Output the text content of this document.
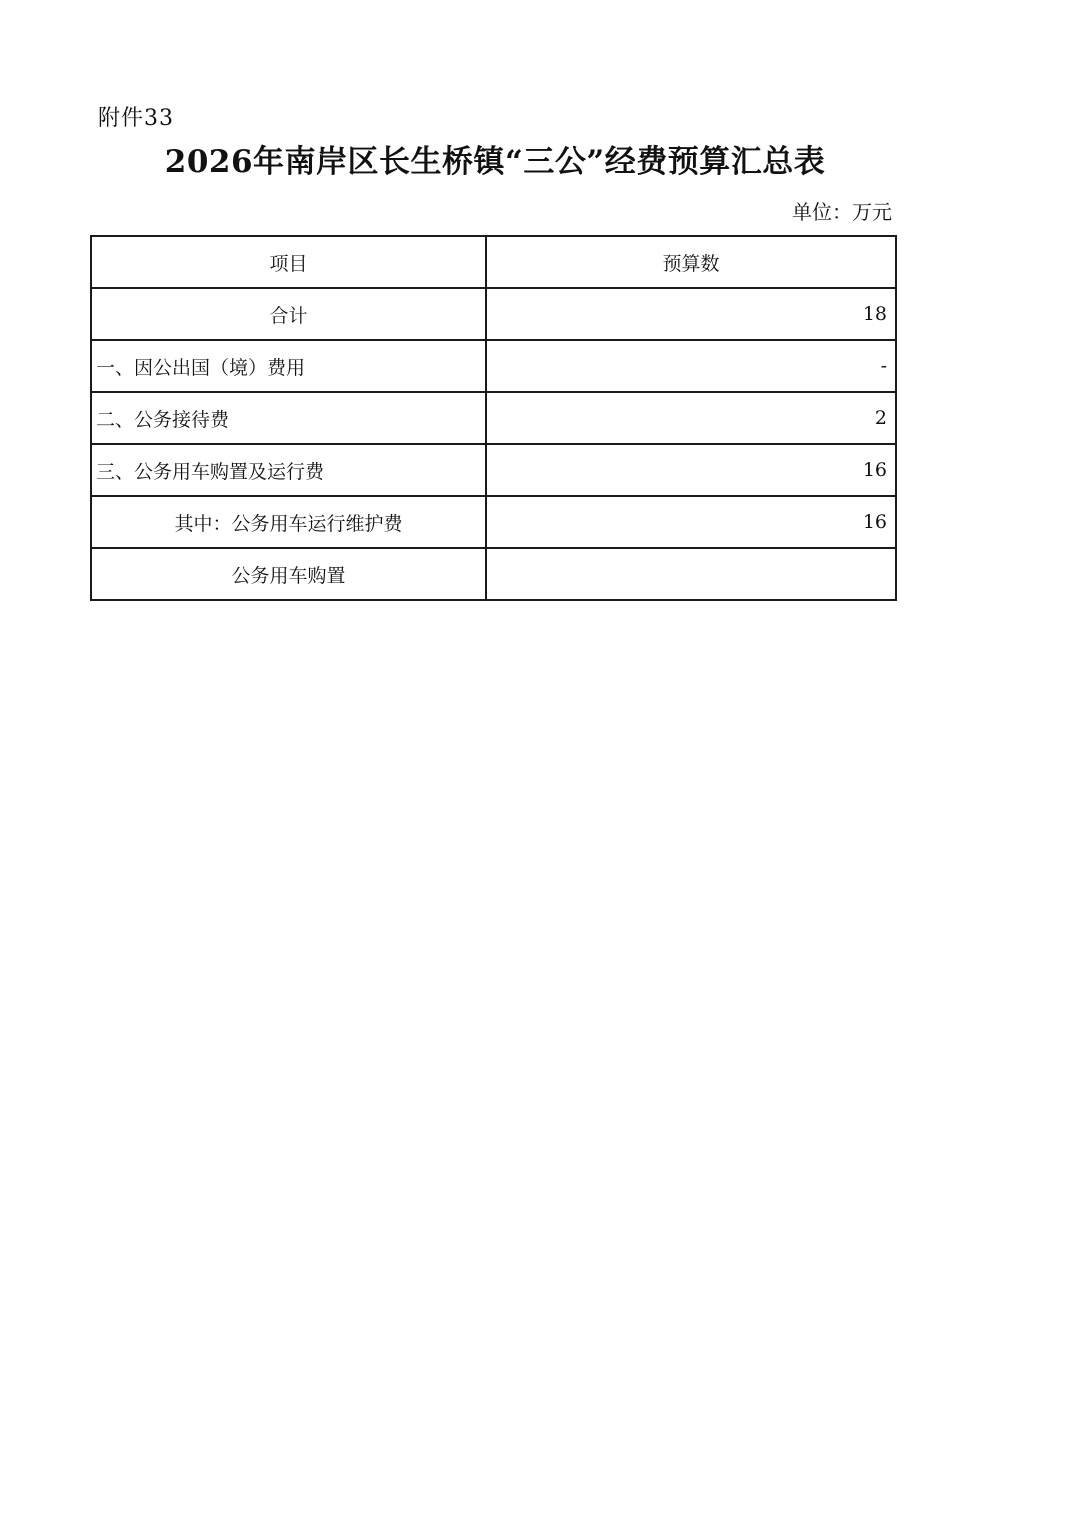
附件33
2026年南岸区长生桥镇“三公”经费预算汇总表
单位：万元
项目	预算数
合计	18
一、因公出国（境）费用	-
二、公务接待费	2
三、公务用车购置及运行费	16
其中：公务用车运行维护费	16
公务用车购置	
